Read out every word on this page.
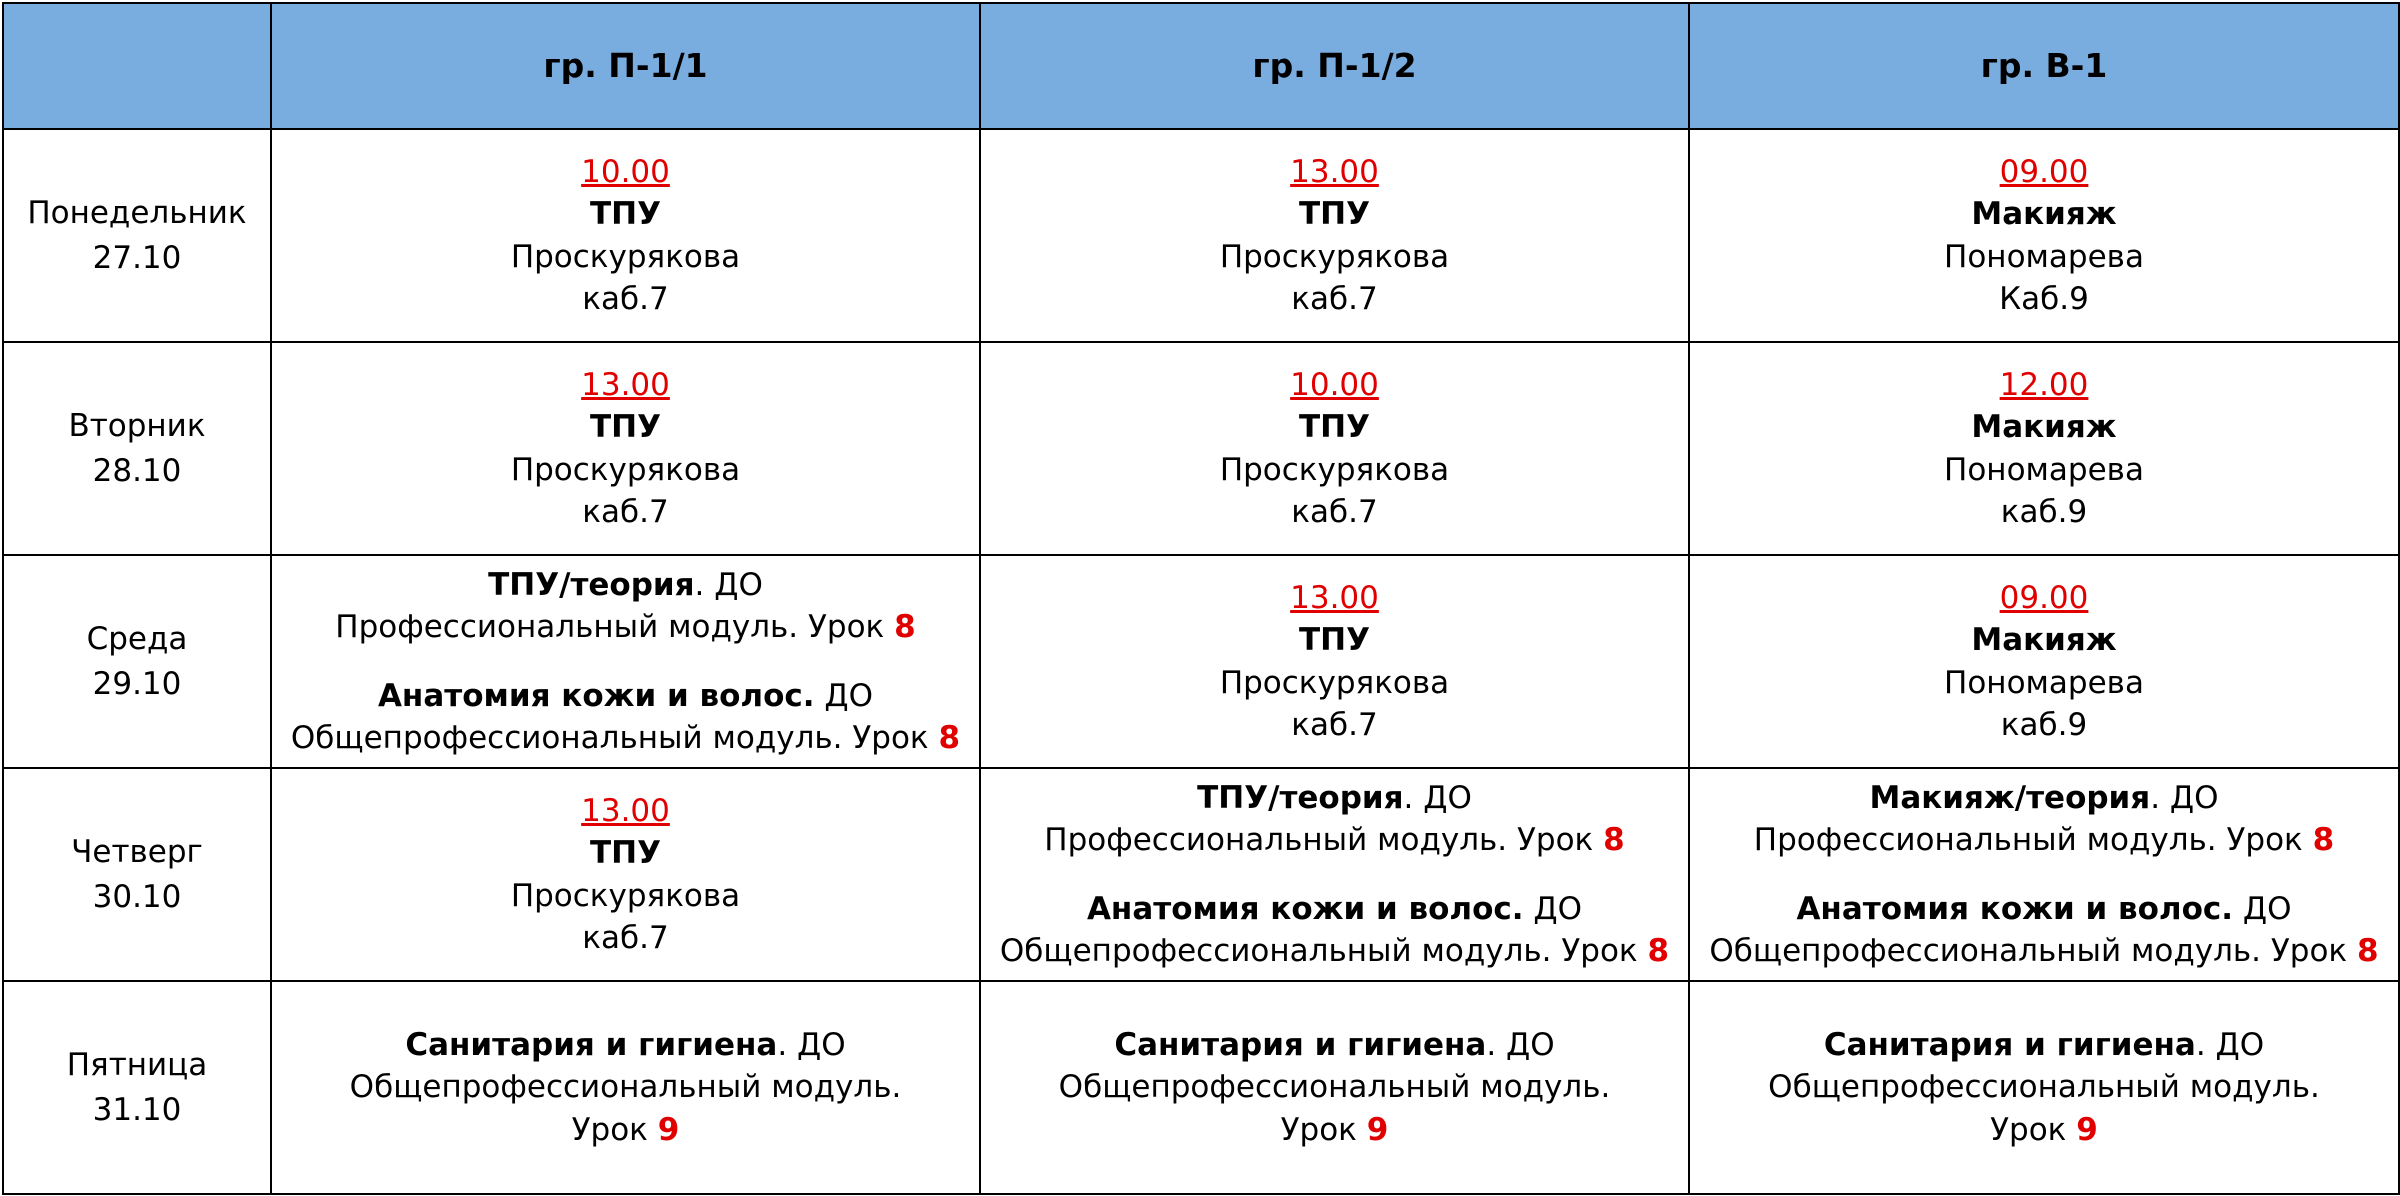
	гр. П-1/1	гр. П-1/2	гр. В-1

Понедельник
27.10	10.00
ТПУ
Проскурякова
каб.7	13.00
ТПУ
Проскурякова
каб.7	09.00
Макияж
Пономарева
Каб.9

Вторник
28.10	13.00
ТПУ
Проскурякова
каб.7	10.00
ТПУ
Проскурякова
каб.7	12.00
Макияж
Пономарева
каб.9

Среда
29.10	ТПУ/теория. ДО
Профессиональный модуль. Урок 8
Анатомия кожи и волос. ДО
Общепрофессиональный модуль. Урок 8	13.00
ТПУ
Проскурякова
каб.7	09.00
Макияж
Пономарева
каб.9

Четверг
30.10	13.00
ТПУ
Проскурякова
каб.7	ТПУ/теория. ДО
Профессиональный модуль. Урок 8
Анатомия кожи и волос. ДО
Общепрофессиональный модуль. Урок 8	Макияж/теория. ДО
Профессиональный модуль. Урок 8
Анатомия кожи и волос. ДО
Общепрофессиональный модуль. Урок 8

Пятница
31.10	Санитария и гигиена. ДО
Общепрофессиональный модуль.
Урок 9	Санитария и гигиена. ДО
Общепрофессиональный модуль.
Урок 9	Санитария и гигиена. ДО
Общепрофессиональный модуль.
Урок 9
